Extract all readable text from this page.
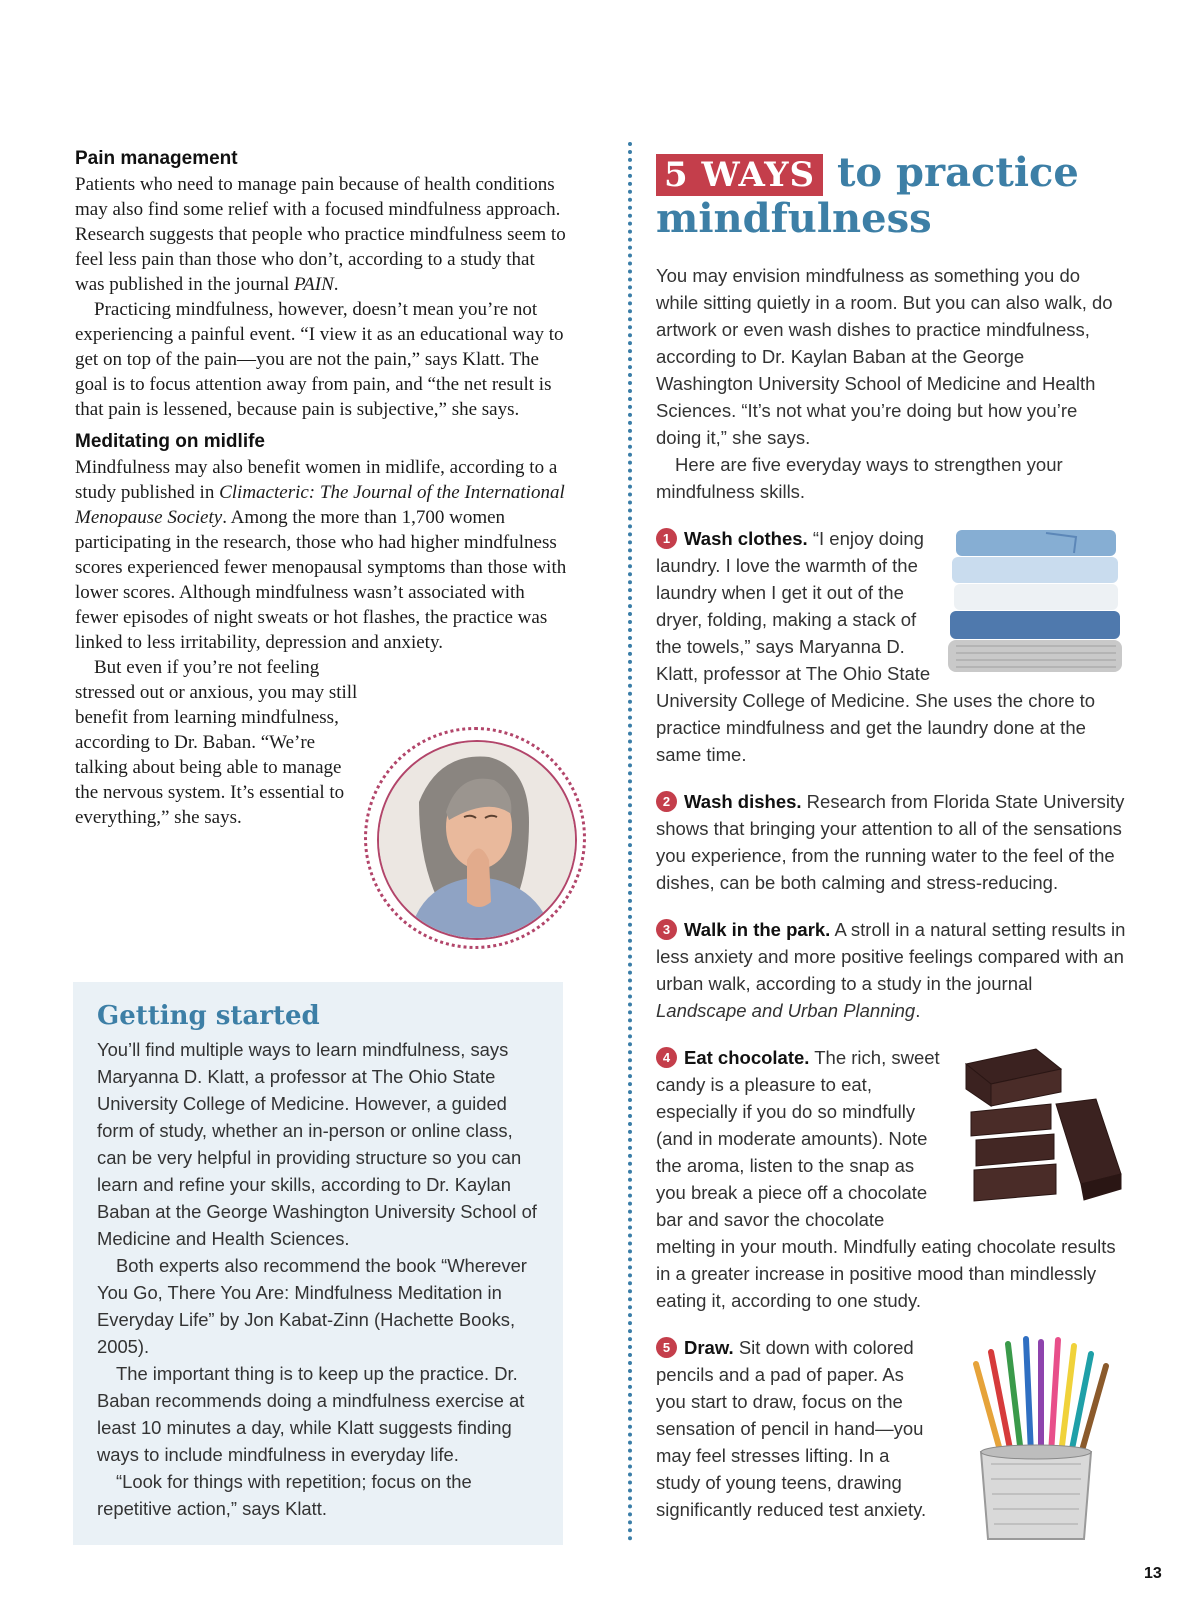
Pain management

Patients who need to manage pain because of health conditions may also find some relief with a focused mindfulness approach. Research suggests that people who practice mindfulness seem to feel less pain than those who don’t, according to a study that was published in the journal PAIN.

Practicing mindfulness, however, doesn’t mean you’re not experiencing a painful event. “I view it as an educational way to get on top of the pain—you are not the pain,” says Klatt. The goal is to focus attention away from pain, and “the net result is that pain is lessened, because pain is subjective,” she says.

Meditating on midlife

Mindfulness may also benefit women in midlife, according to a study published in Climacteric: The Journal of the International Menopause Society. Among the more than 1,700 women participating in the research, those who had higher mindfulness scores experienced fewer menopausal symptoms than those with lower scores. Although mindfulness wasn’t associated with fewer episodes of night sweats or hot flashes, the practice was linked to less irritability, depression and anxiety.

But even if you’re not feeling stressed out or anxious, you may still benefit from learning mindfulness, according to Dr. Baban. “We’re talking about being able to manage the nervous system. It’s essential to everything,” she says.

Getting started

You’ll find multiple ways to learn mindfulness, says Maryanna D. Klatt, a professor at The Ohio State University College of Medicine. However, a guided form of study, whether an in-person or online class, can be very helpful in providing structure so you can learn and refine your skills, according to Dr. Kaylan Baban at the George Washington University School of Medicine and Health Sciences.

Both experts also recommend the book “Wherever You Go, There You Are: Mindfulness Meditation in Everyday Life” by Jon Kabat-Zinn (Hachette Books, 2005).

The important thing is to keep up the practice. Dr. Baban recommends doing a mindfulness exercise at least 10 minutes a day, while Klatt suggests finding ways to include mindfulness in everyday life.

“Look for things with repetition; focus on the repetitive action,” says Klatt.

5 WAYS to practice mindfulness

You may envision mindfulness as something you do while sitting quietly in a room. But you can also walk, do artwork or even wash dishes to practice mindfulness, according to Dr. Kaylan Baban at the George Washington University School of Medicine and Health Sciences. “It’s not what you’re doing but how you’re doing it,” she says.

Here are five everyday ways to strengthen your mindfulness skills.

1 Wash clothes. “I enjoy doing laundry. I love the warmth of the laundry when I get it out of the dryer, folding, making a stack of the towels,” says Maryanna D. Klatt, professor at The Ohio State University College of Medicine. She uses the chore to practice mindfulness and get the laundry done at the same time.

2 Wash dishes. Research from Florida State University shows that bringing your attention to all of the sensations you experience, from the running water to the feel of the dishes, can be both calming and stress-reducing.

3 Walk in the park. A stroll in a natural setting results in less anxiety and more positive feelings compared with an urban walk, according to a study in the journal Landscape and Urban Planning.

4 Eat chocolate. The rich, sweet candy is a pleasure to eat, especially if you do so mindfully (and in moderate amounts). Note the aroma, listen to the snap as you break a piece off a chocolate bar and savor the chocolate melting in your mouth. Mindfully eating chocolate results in a greater increase in positive mood than mindlessly eating it, according to one study.

5 Draw. Sit down with colored pencils and a pad of paper. As you start to draw, focus on the sensation of pencil in hand—you may feel stresses lifting. In a study of young teens, drawing significantly reduced test anxiety.

13
